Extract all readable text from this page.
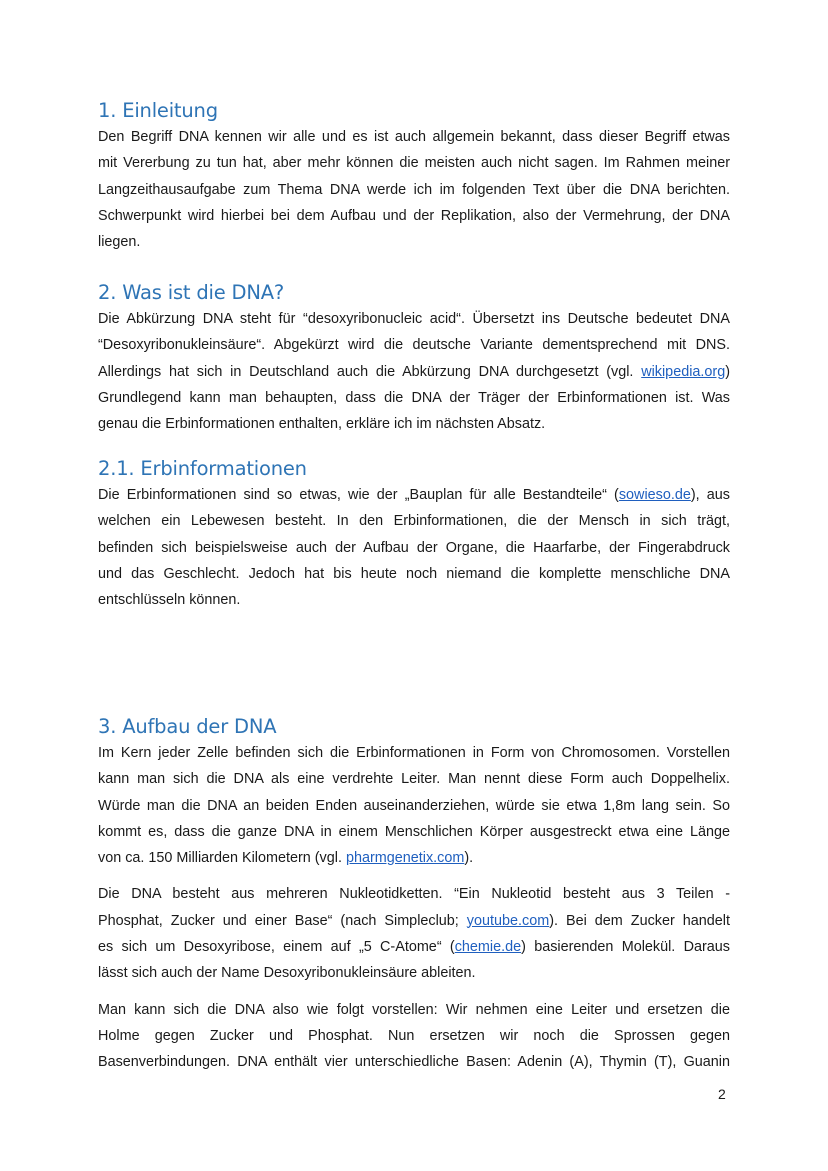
1. Einleitung
Den Begriff DNA kennen wir alle und es ist auch allgemein bekannt, dass dieser Begriff etwas
mit Vererbung zu tun hat, aber mehr können die meisten auch nicht sagen. Im Rahmen meiner
Langzeithausaufgabe zum Thema DNA werde ich im folgenden Text über die DNA berichten.
Schwerpunkt wird hierbei bei dem Aufbau und der Replikation, also der Vermehrung, der DNA
liegen.
2. Was ist die DNA?
Die Abkürzung DNA steht für “desoxyribonucleic acid“. Übersetzt ins Deutsche bedeutet DNA
“Desoxyribonukleinsäure“. Abgekürzt wird die deutsche Variante dementsprechend mit DNS.
Allerdings hat sich in Deutschland auch die Abkürzung DNA durchgesetzt (vgl. wikipedia.org)
Grundlegend kann man behaupten, dass die DNA der Träger der Erbinformationen ist. Was
genau die Erbinformationen enthalten, erkläre ich im nächsten Absatz.
2.1. Erbinformationen
Die Erbinformationen sind so etwas, wie der „Bauplan für alle Bestandteile“ (sowieso.de), aus
welchen ein Lebewesen besteht. In den Erbinformationen, die der Mensch in sich trägt,
befinden sich beispielsweise auch der Aufbau der Organe, die Haarfarbe, der Fingerabdruck
und das Geschlecht. Jedoch hat bis heute noch niemand die komplette menschliche DNA
entschlüsseln können.
3. Aufbau der DNA
Im Kern jeder Zelle befinden sich die Erbinformationen in Form von Chromosomen. Vorstellen
kann man sich die DNA als eine verdrehte Leiter. Man nennt diese Form auch Doppelhelix.
Würde man die DNA an beiden Enden auseinanderziehen, würde sie etwa 1,8m lang sein. So
kommt es, dass die ganze DNA in einem Menschlichen Körper ausgestreckt etwa eine Länge
von ca. 150 Milliarden Kilometern (vgl. pharmgenetix.com).
Die DNA besteht aus mehreren Nukleotidketten. “Ein Nukleotid besteht aus 3 Teilen -
Phosphat, Zucker und einer Base“ (nach Simpleclub; youtube.com). Bei dem Zucker handelt
es sich um Desoxyribose, einem auf „5 C-Atome“ (chemie.de) basierenden Molekül. Daraus
lässt sich auch der Name Desoxyribonukleinsäure ableiten.
Man kann sich die DNA also wie folgt vorstellen: Wir nehmen eine Leiter und ersetzen die
Holme gegen Zucker und Phosphat. Nun ersetzen wir noch die Sprossen gegen
Basenverbindungen. DNA enthält vier unterschiedliche Basen: Adenin (A), Thymin (T), Guanin
2
